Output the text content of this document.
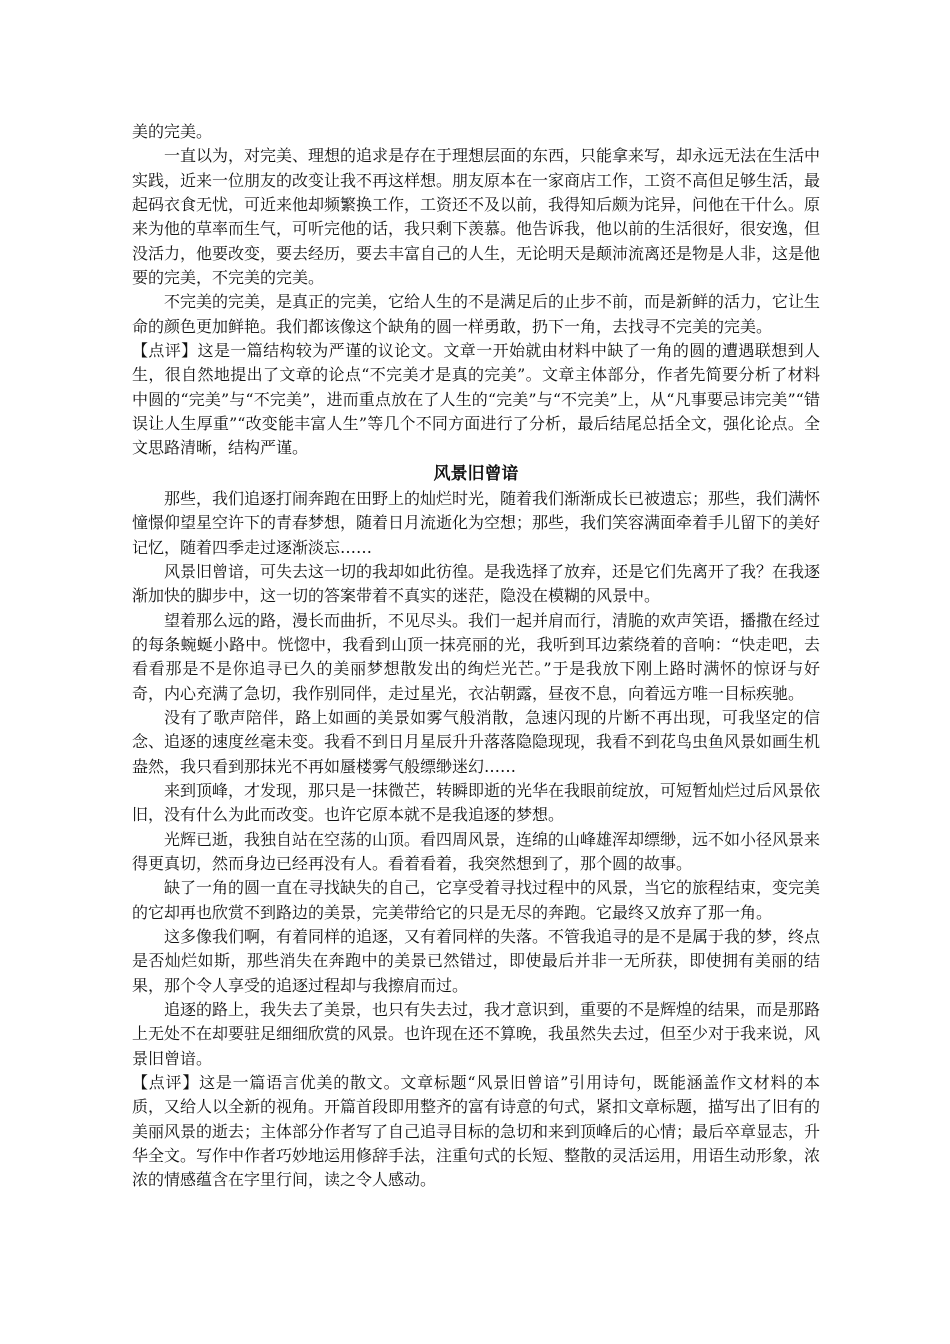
美的完美。

一直以为，对完美、理想的追求是存在于理想层面的东西，只能拿来写，却永远无法在生活中实践，近来一位朋友的改变让我不再这样想。朋友原本在一家商店工作，工资不高但足够生活，最起码衣食无忧，可近来他却频繁换工作，工资还不及以前，我得知后颇为诧异，问他在干什么。原来为他的草率而生气，可听完他的话，我只剩下羡慕。他告诉我，他以前的生活很好，很安逸，但没活力，他要改变，要去经历，要去丰富自己的人生，无论明天是颠沛流离还是物是人非，这是他要的完美，不完美的完美。

不完美的完美，是真正的完美，它给人生的不是满足后的止步不前，而是新鲜的活力，它让生命的颜色更加鲜艳。我们都该像这个缺角的圆一样勇敢，扔下一角，去找寻不完美的完美。

【点评】这是一篇结构较为严谨的议论文。文章一开始就由材料中缺了一角的圆的遭遇联想到人生，很自然地提出了文章的论点“不完美才是真的完美”。文章主体部分，作者先简要分析了材料中圆的“完美”与“不完美”，进而重点放在了人生的“完美”与“不完美”上，从“凡事要忌讳完美”“错误让人生厚重”“改变能丰富人生”等几个不同方面进行了分析，最后结尾总括全文，强化论点。全文思路清晰，结构严谨。

风景旧曾谙

那些，我们追逐打闹奔跑在田野上的灿烂时光，随着我们渐渐成长已被遗忘；那些，我们满怀憧憬仰望星空许下的青春梦想，随着日月流逝化为空想；那些，我们笑容满面牵着手儿留下的美好记忆，随着四季走过逐渐淡忘……

风景旧曾谙，可失去这一切的我却如此彷徨。是我选择了放弃，还是它们先离开了我？在我逐渐加快的脚步中，这一切的答案带着不真实的迷茫，隐没在模糊的风景中。

望着那么远的路，漫长而曲折，不见尽头。我们一起并肩而行，清脆的欢声笑语，播撒在经过的每条蜿蜒小路中。恍惚中，我看到山顶一抹亮丽的光，我听到耳边萦绕着的音响：“快走吧，去看看那是不是你追寻已久的美丽梦想散发出的绚烂光芒。”于是我放下刚上路时满怀的惊讶与好奇，内心充满了急切，我作别同伴，走过星光，衣沾朝露，昼夜不息，向着远方唯一目标疾驰。

没有了歌声陪伴，路上如画的美景如雾气般消散，急速闪现的片断不再出现，可我坚定的信念、追逐的速度丝毫未变。我看不到日月星辰升升落落隐隐现现，我看不到花鸟虫鱼风景如画生机盎然，我只看到那抹光不再如蜃楼雾气般缥缈迷幻……

来到顶峰，才发现，那只是一抹微芒，转瞬即逝的光华在我眼前绽放，可短暂灿烂过后风景依旧，没有什么为此而改变。也许它原本就不是我追逐的梦想。

光辉已逝，我独自站在空荡的山顶。看四周风景，连绵的山峰雄浑却缥缈，远不如小径风景来得更真切，然而身边已经再没有人。看着看着，我突然想到了，那个圆的故事。

缺了一角的圆一直在寻找缺失的自己，它享受着寻找过程中的风景，当它的旅程结束，变完美的它却再也欣赏不到路边的美景，完美带给它的只是无尽的奔跑。它最终又放弃了那一角。

这多像我们啊，有着同样的追逐，又有着同样的失落。不管我追寻的是不是属于我的梦，终点是否灿烂如斯，那些消失在奔跑中的美景已然错过，即使最后并非一无所获，即使拥有美丽的结果，那个令人享受的追逐过程却与我擦肩而过。

追逐的路上，我失去了美景，也只有失去过，我才意识到，重要的不是辉煌的结果，而是那路上无处不在却要驻足细细欣赏的风景。也许现在还不算晚，我虽然失去过，但至少对于我来说，风景旧曾谙。

【点评】这是一篇语言优美的散文。文章标题“风景旧曾谙”引用诗句，既能涵盖作文材料的本质，又给人以全新的视角。开篇首段即用整齐的富有诗意的句式，紧扣文章标题，描写出了旧有的美丽风景的逝去；主体部分作者写了自己追寻目标的急切和来到顶峰后的心情；最后卒章显志，升华全文。写作中作者巧妙地运用修辞手法，注重句式的长短、整散的灵活运用，用语生动形象，浓浓的情感蕴含在字里行间，读之令人感动。
